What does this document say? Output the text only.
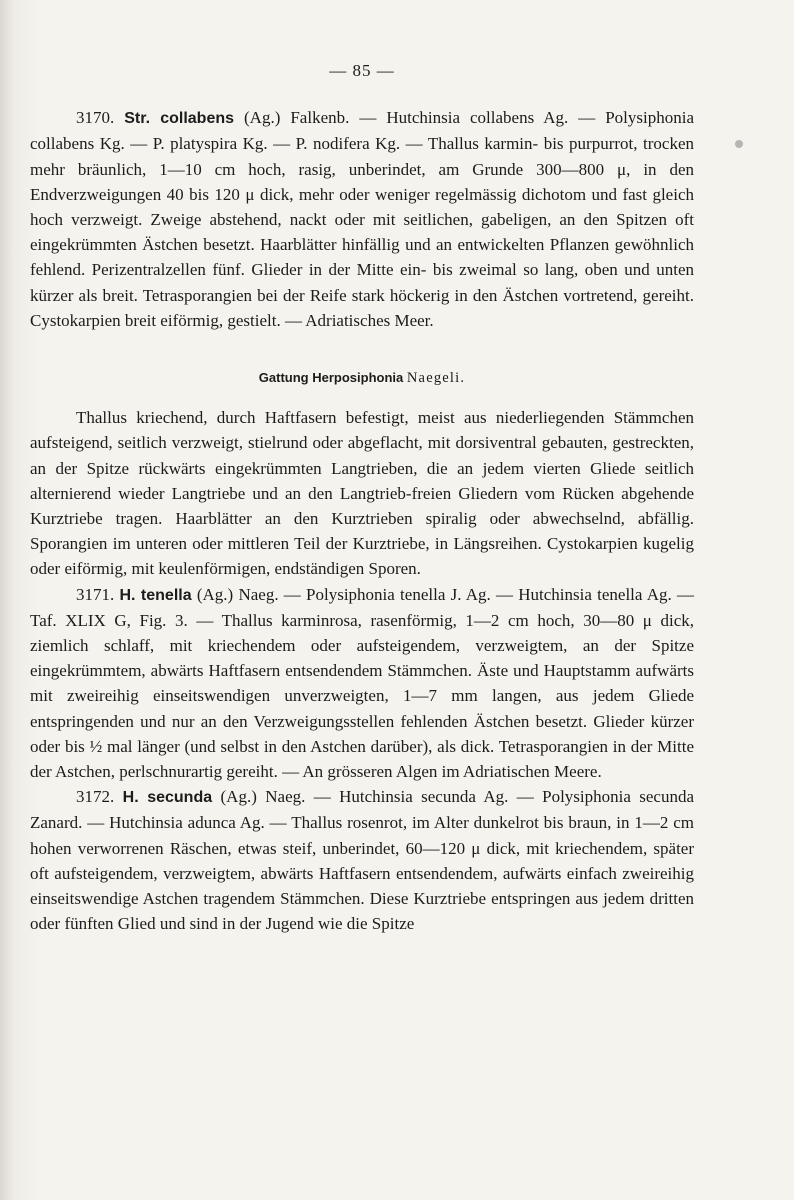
— 85 —

3170. Str. collabens (Ag.) Falkenb. — Hutchinsia collabens Ag. — Polysiphonia collabens Kg. — P. platyspira Kg. — P. nodifera Kg. — Thallus karmin- bis purpurrot, trocken mehr bräunlich, 1—10 cm hoch, rasig, unberindet, am Grunde 300—800 μ, in den Endverzweigungen 40 bis 120 μ dick, mehr oder weniger regelmässig dichotom und fast gleich hoch verzweigt. Zweige abstehend, nackt oder mit seitlichen, gabeligen, an den Spitzen oft eingekrümmten Ästchen besetzt. Haarblätter hinfällig und an entwickelten Pflanzen gewöhnlich fehlend. Perizentralzellen fünf. Glieder in der Mitte ein- bis zweimal so lang, oben und unten kürzer als breit. Tetrasporangien bei der Reife stark höckerig in den Ästchen vortretend, gereiht. Cystokarpien breit eiförmig, gestielt. — Adriatisches Meer.

Gattung Herposiphonia Naegeli.

Thallus kriechend, durch Haftfasern befestigt, meist aus niederliegenden Stämmchen aufsteigend, seitlich verzweigt, stielrund oder abgeflacht, mit dorsiventral gebauten, gestreckten, an der Spitze rückwärts eingekrümmten Langtrieben, die an jedem vierten Gliede seitlich alternierend wieder Langtriebe und an den Langtrieb-freien Gliedern vom Rücken abgehende Kurztriebe tragen. Haarblätter an den Kurztrieben spiralig oder abwechselnd, abfällig. Sporangien im unteren oder mittleren Teil der Kurztriebe, in Längsreihen. Cystokarpien kugelig oder eiförmig, mit keulenförmigen, endständigen Sporen.

3171. H. tenella (Ag.) Naeg. — Polysiphonia tenella J. Ag. — Hutchinsia tenella Ag. — Taf. XLIX G, Fig. 3. — Thallus karminrosa, rasenförmig, 1—2 cm hoch, 30—80 μ dick, ziemlich schlaff, mit kriechendem oder aufsteigendem, verzweigtem, an der Spitze eingekrümmtem, abwärts Haftfasern entsendendem Stämmchen. Äste und Hauptstamm aufwärts mit zweireihig einseitswendigen unverzweigten, 1—7 mm langen, aus jedem Gliede entspringenden und nur an den Verzweigungsstellen fehlenden Ästchen besetzt. Glieder kürzer oder bis ½ mal länger (und selbst in den Astchen darüber), als dick. Tetrasporangien in der Mitte der Astchen, perlschnurartig gereiht. — An grösseren Algen im Adriatischen Meere.

3172. H. secunda (Ag.) Naeg. — Hutchinsia secunda Ag. — Polysiphonia secunda Zanard. — Hutchinsia adunca Ag. — Thallus rosenrot, im Alter dunkelrot bis braun, in 1—2 cm hohen verworrenen Räschen, etwas steif, unberindet, 60—120 μ dick, mit kriechendem, später oft aufsteigendem, verzweigtem, abwärts Haftfasern entsendendem, aufwärts einfach zweireihig einseitswendige Astchen tragendem Stämmchen. Diese Kurztriebe entspringen aus jedem dritten oder fünften Glied und sind in der Jugend wie die Spitze
